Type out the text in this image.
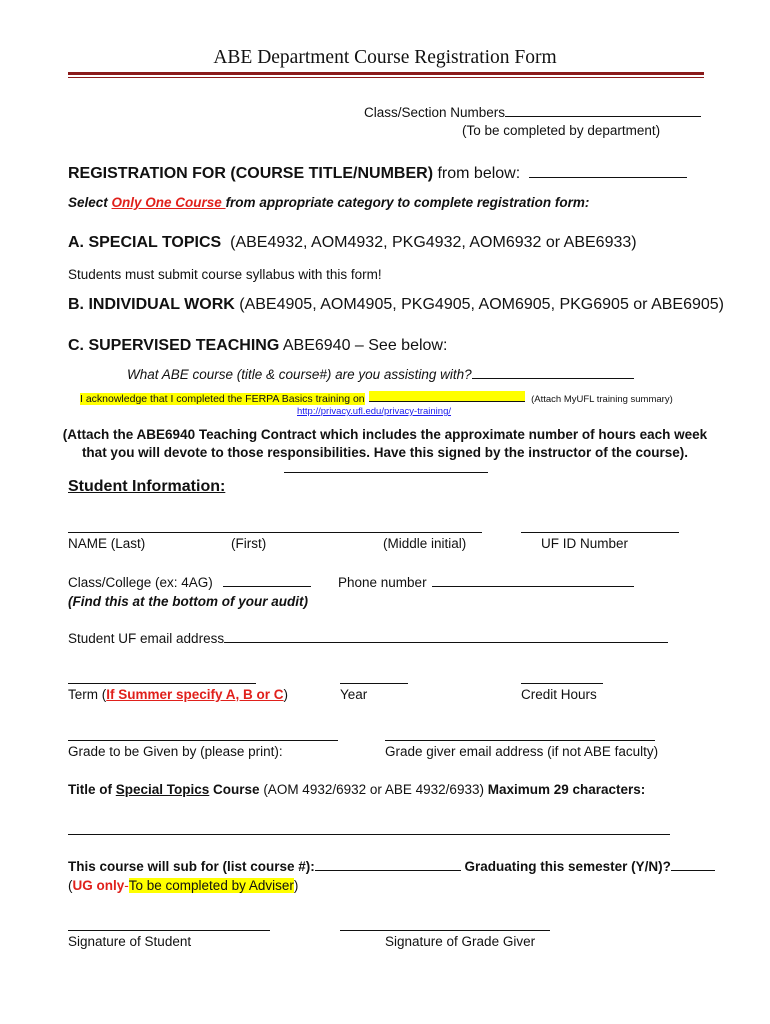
ABE Department Course Registration Form
Class/Section Numbers
(To be completed by department)
REGISTRATION FOR (COURSE TITLE/NUMBER) from below:
Select Only One Course from appropriate category to complete registration form:
A. SPECIAL TOPICS (ABE4932, AOM4932, PKG4932, AOM6932 or ABE6933)
Students must submit course syllabus with this form!
B. INDIVIDUAL WORK (ABE4905, AOM4905, PKG4905, AOM6905, PKG6905 or ABE6905)
C. SUPERVISED TEACHING ABE6940 – See below:
What ABE course (title & course#) are you assisting with?
I acknowledge that I completed the FERPA Basics training on	(Attach MyUFL training summary)
http://privacy.ufl.edu/privacy-training/
(Attach the ABE6940 Teaching Contract which includes the approximate number of hours each week
that you will devote to those responsibilities. Have this signed by the instructor of the course).
Student Information:
NAME (Last)	(First)	(Middle initial)	UF ID Number
Class/College (ex: 4AG)	Phone number
(Find this at the bottom of your audit)
Student UF email address
Term (If Summer specify A, B or C)	Year	Credit Hours
Grade to be Given by (please print):	Grade giver email address (if not ABE faculty)
Title of Special Topics Course (AOM 4932/6932 or ABE 4932/6933) Maximum 29 characters:
This course will sub for (list course #):	Graduating this semester (Y/N)?
(UG only-To be completed by Adviser)
Signature of Student	Signature of Grade Giver
